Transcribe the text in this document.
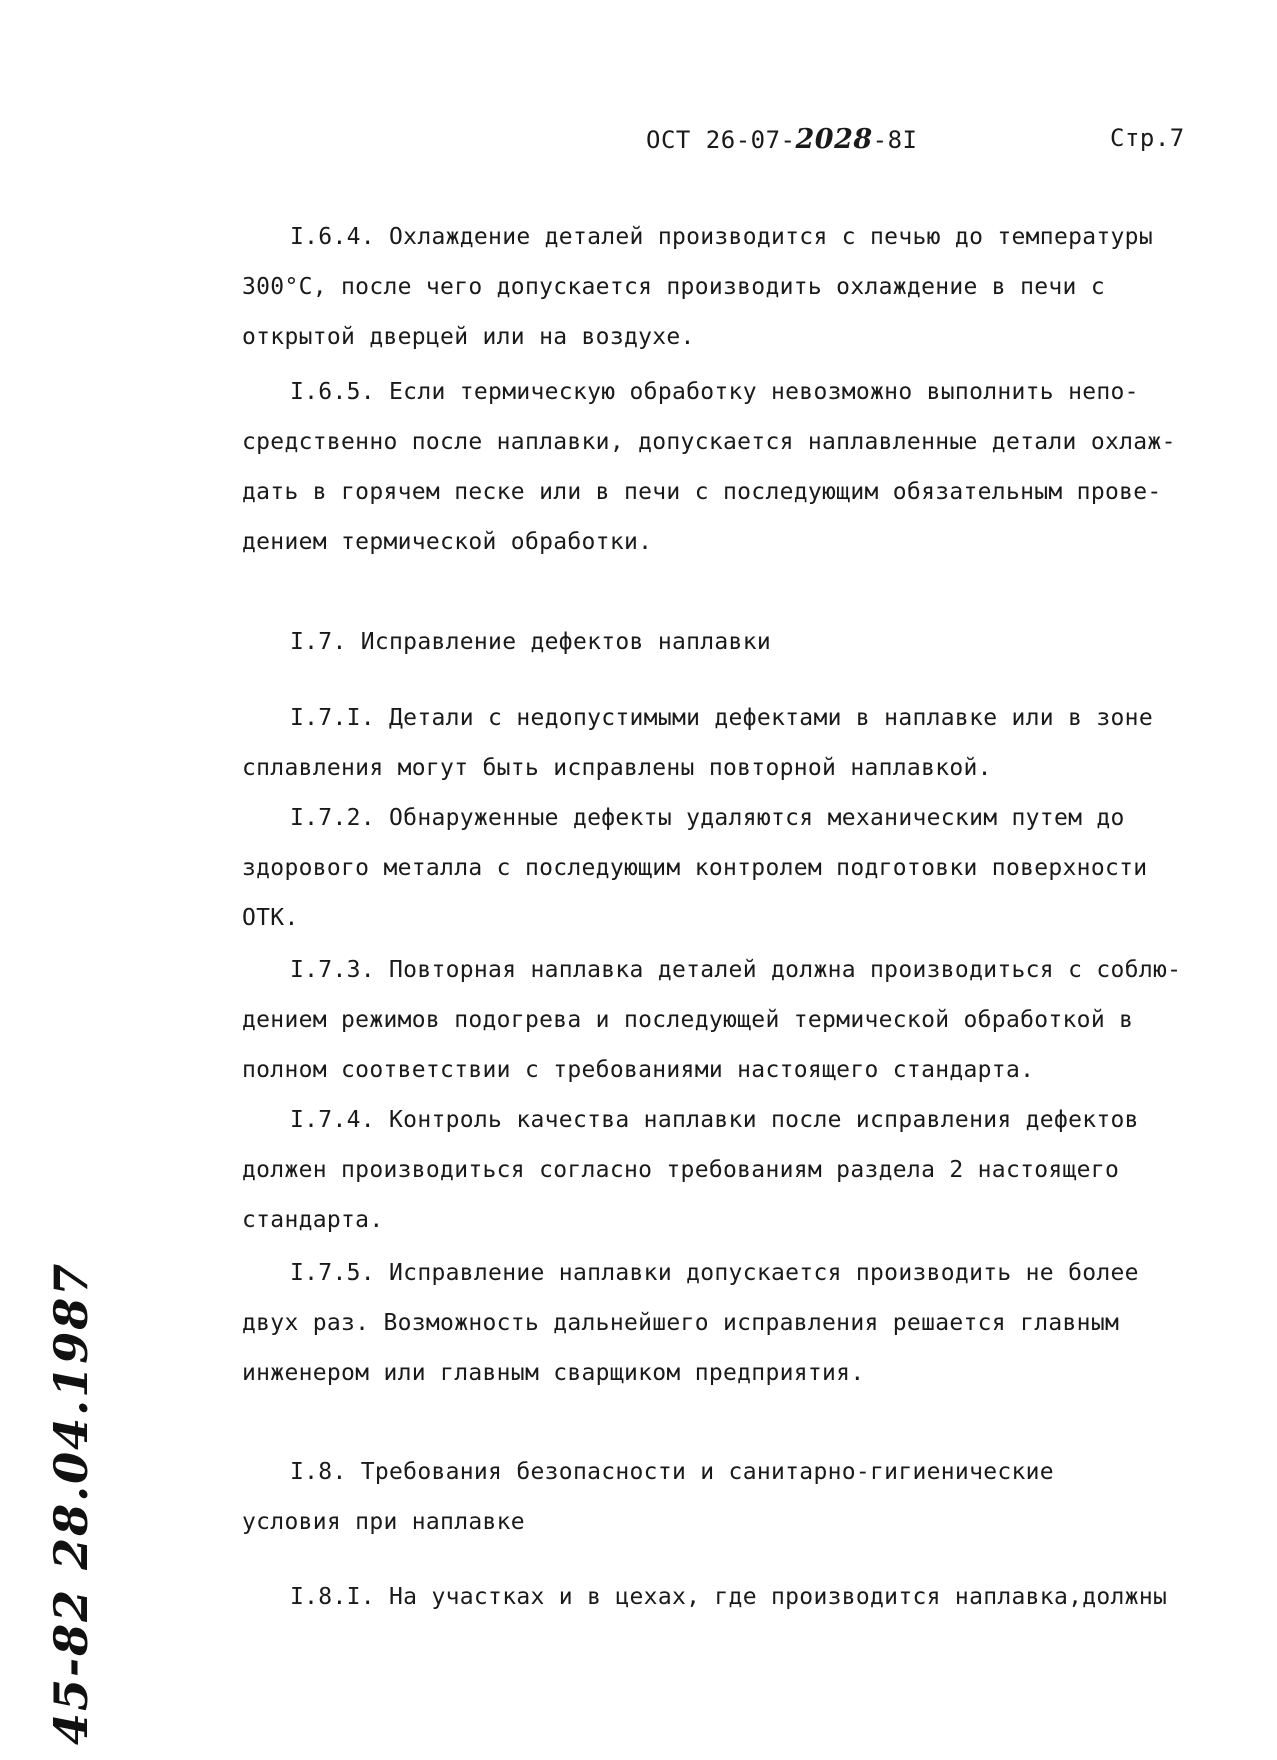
ОСТ 26-07-2028-8I	Стр.7
I.6.4. Охлаждение деталей производится с печью до температуры
300°С, после чего допускается производить охлаждение в печи с
открытой дверцей или на воздухе.
I.6.5. Если термическую обработку невозможно выполнить непо-
средственно после наплавки, допускается наплавленные детали охлаж-
дать в горячем песке или в печи с последующим обязательным прове-
дением термической обработки.
I.7. Исправление дефектов наплавки
I.7.I. Детали с недопустимыми дефектами в наплавке или в зоне
сплавления могут быть исправлены повторной наплавкой.
I.7.2. Обнаруженные дефекты удаляются механическим путем до
здорового металла с последующим контролем подготовки поверхности
ОТК.
I.7.3. Повторная наплавка деталей должна производиться с соблю-
дением режимов подогрева и последующей термической обработкой в
полном соответствии с требованиями настоящего стандарта.
I.7.4. Контроль качества наплавки после исправления дефектов
должен производиться согласно требованиям раздела 2 настоящего
стандарта.
I.7.5. Исправление наплавки допускается производить не более
двух раз. Возможность дальнейшего исправления решается главным
инженером или главным сварщиком предприятия.
I.8. Требования безопасности и санитарно-гигиенические
условия при наплавке
I.8.I. На участках и в цехах, где производится наплавка,должны
45-82 28.04.1987
